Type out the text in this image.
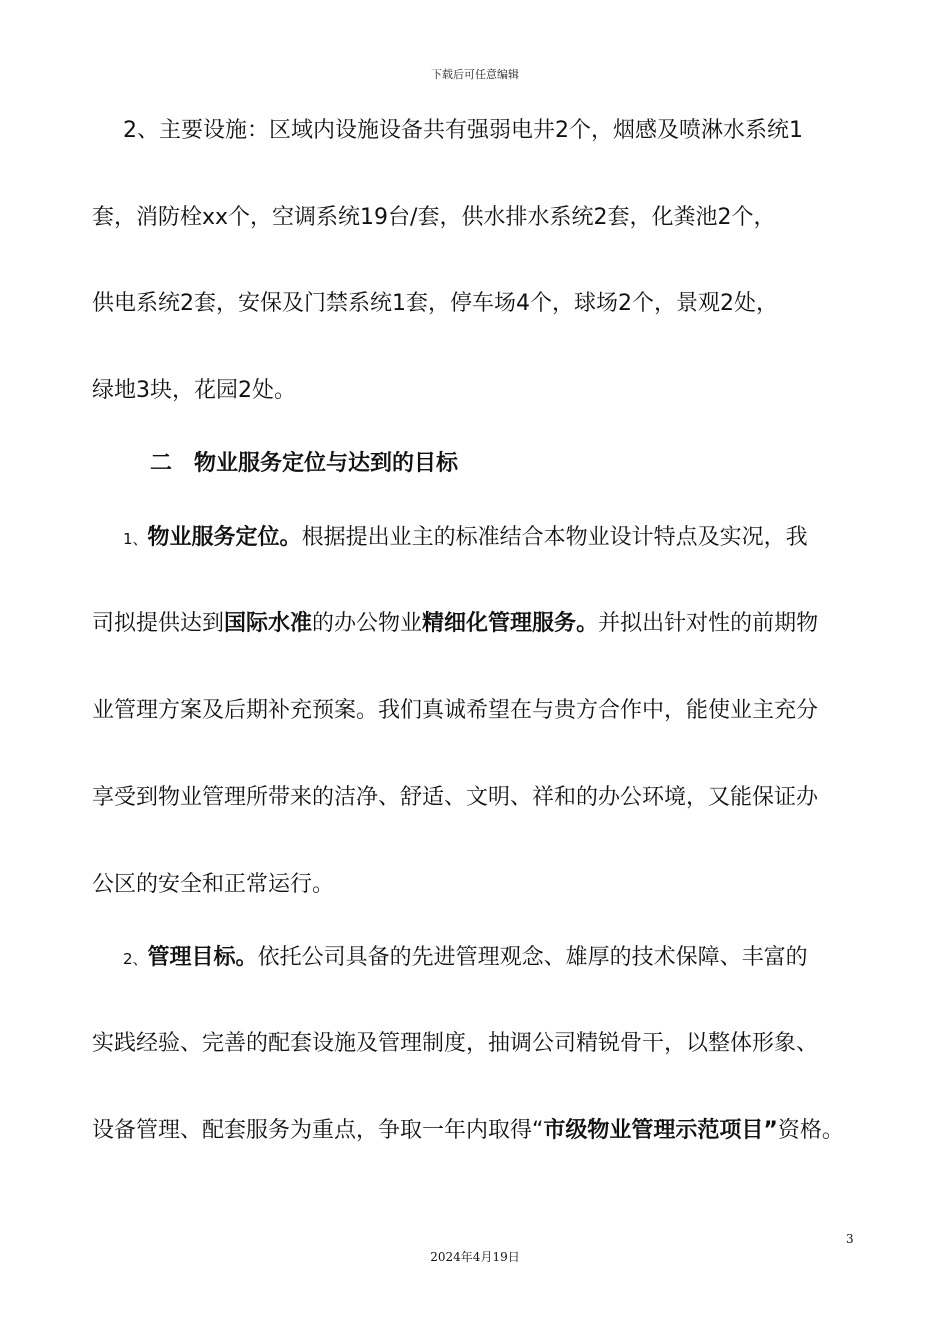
下载后可任意编辑
2、主要设施：区域内设施设备共有强弱电井2个，烟感及喷淋水系统1
套，消防栓xx个，空调系统19台/套，供水排水系统2套，化粪池2个，
供电系统2套，安保及门禁系统1套，停车场4个，球场2个，景观2处，
绿地3块，花园2处。
二 物业服务定位与达到的目标
1、物业服务定位。根据提出业主的标准结合本物业设计特点及实况，我
司拟提供达到国际水准的办公物业精细化管理服务。并拟出针对性的前期物
业管理方案及后期补充预案。我们真诚希望在与贵方合作中，能使业主充分
享受到物业管理所带来的洁净、舒适、文明、祥和的办公环境，又能保证办
公区的安全和正常运行。
2、管理目标。依托公司具备的先进管理观念、雄厚的技术保障、丰富的
实践经验、完善的配套设施及管理制度，抽调公司精锐骨干，以整体形象、
设备管理、配套服务为重点，争取一年内取得“市级物业管理示范项目”资格。
3
2024年4月19日
